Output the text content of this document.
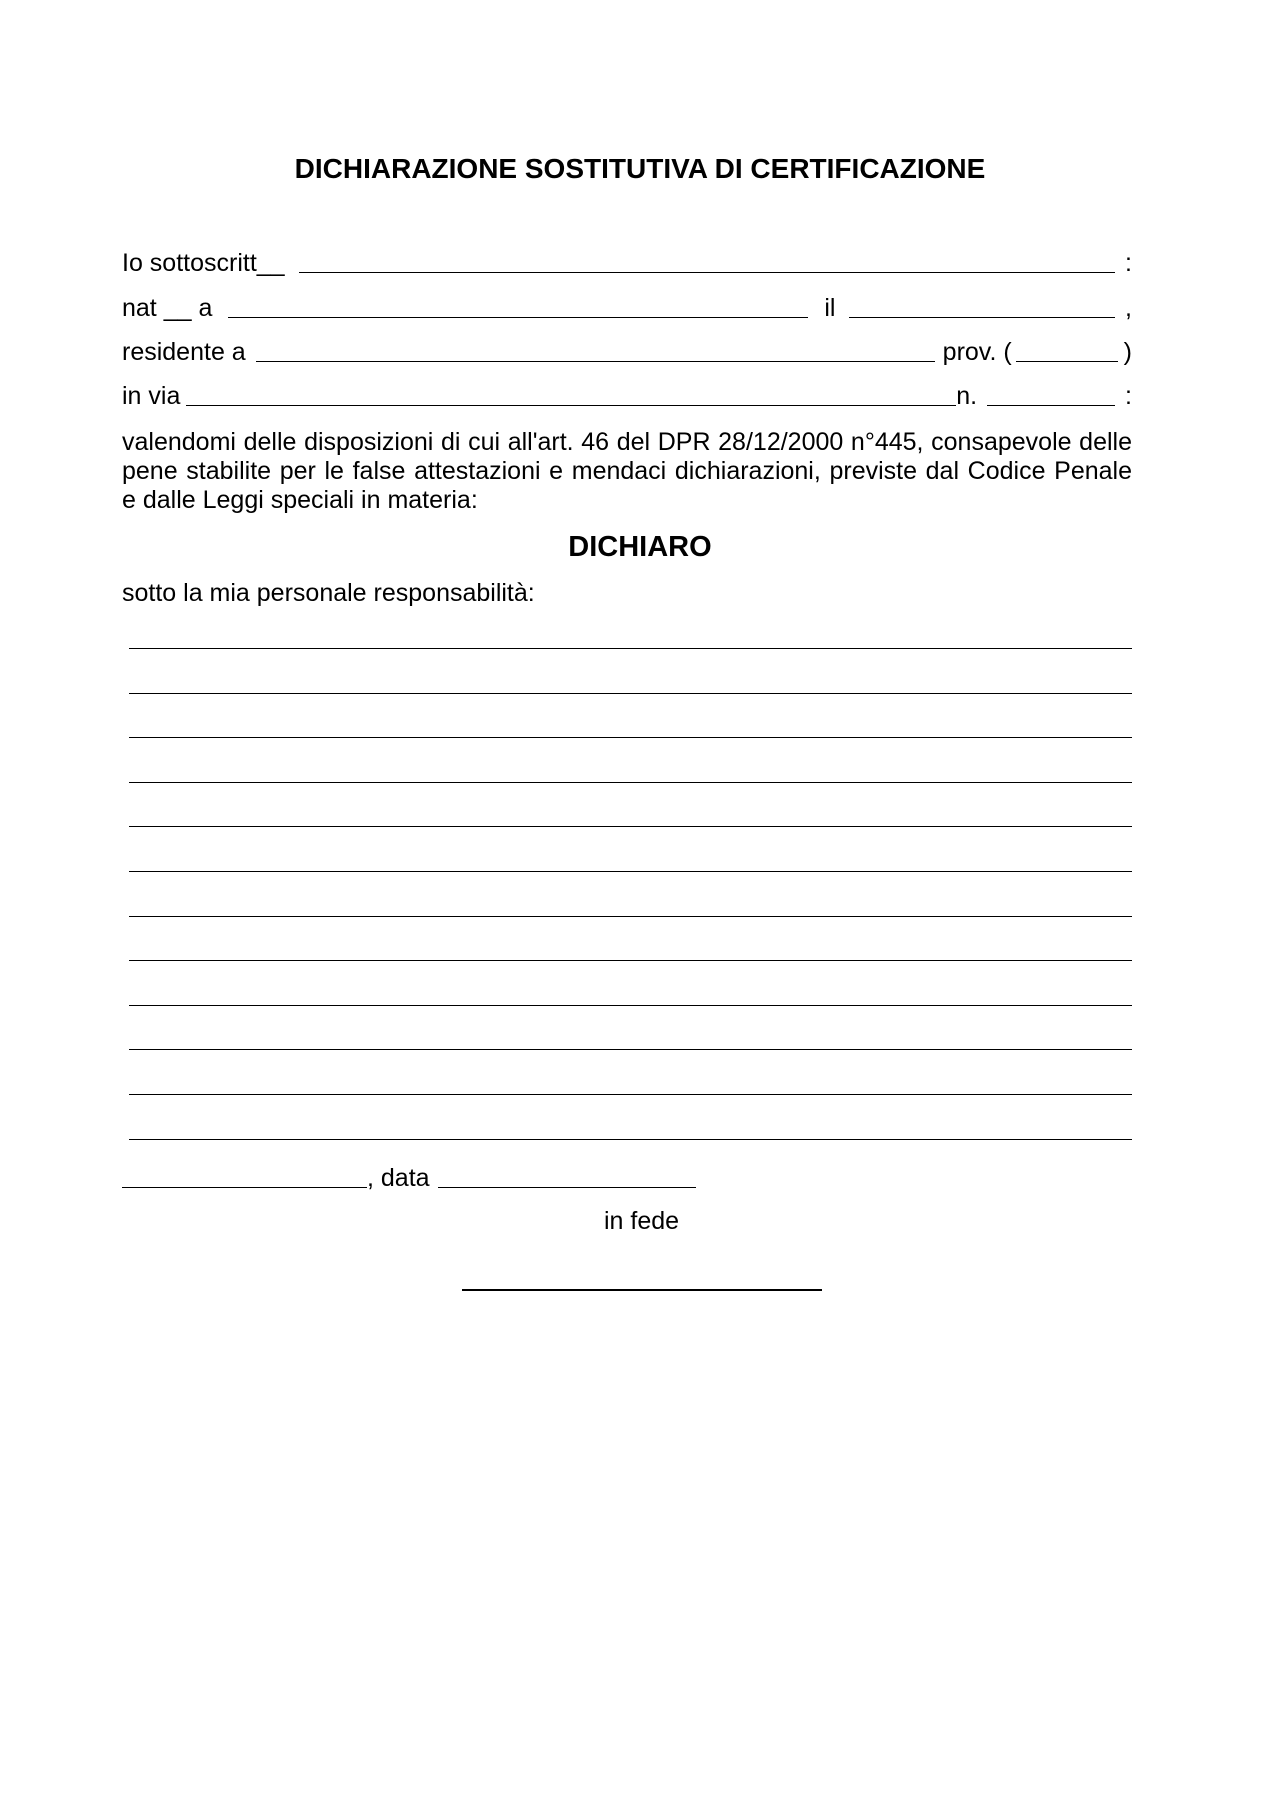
DICHIARAZIONE SOSTITUTIVA DI CERTIFICAZIONE
Io sottoscritt__	:
nat __ a	il	,
residente a	prov. (	)
in via	n.	:
valendomi delle disposizioni di cui all'art. 46 del DPR 28/12/2000 n°445, consapevole delle pene stabilite per le false attestazioni e mendaci dichiarazioni, previste dal Codice Penale e dalle Leggi speciali in materia:
DICHIARO
sotto la mia personale responsabilità:
, data
in fede
